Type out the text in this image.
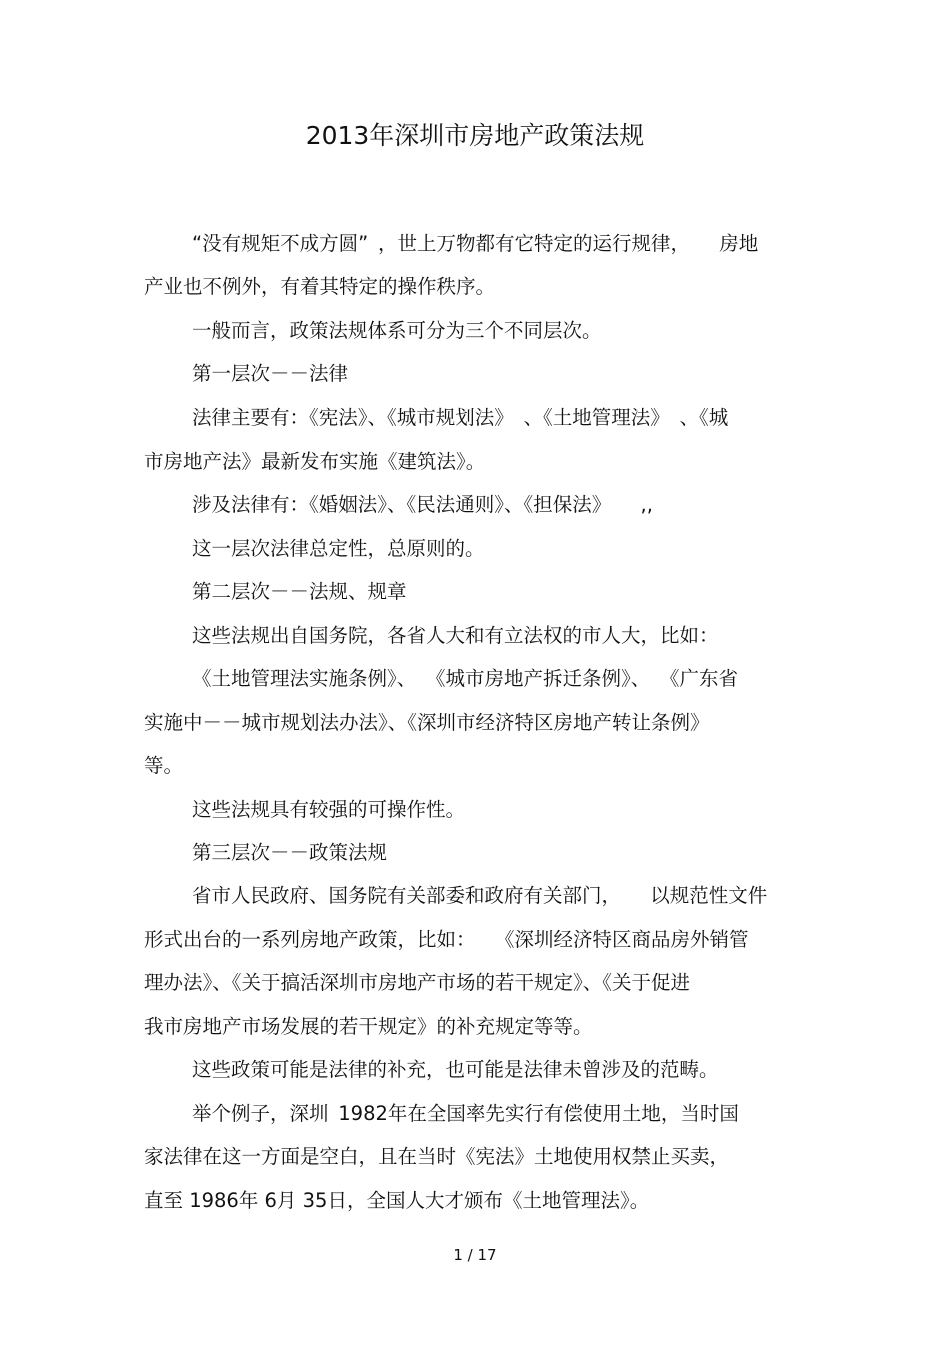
2013年深圳市房地产政策法规
“没有规矩不成方圆” ，世上万物都有它特定的运行规律，  房地
产业也不例外，有着其特定的操作秩序。
一般而言，政策法规体系可分为三个不同层次。
第一层次－－法律
法律主要有：《宪法》、《城市规划法》 、《土地管理法》 、《城
市房地产法》最新发布实施《建筑法》。
涉及法律有：《婚姻法》、《民法通则》、《担保法》  ,,
这一层次法律总定性，总原则的。
第二层次－－法规、规章
这些法规出自国务院，各省人大和有立法权的市人大，比如：
《土地管理法实施条例》、 《城市房地产拆迁条例》、 《广东省
实施中－－城市规划法办法》、《深圳市经济特区房地产转让条例》
等。
这些法规具有较强的可操作性。
第三层次－－政策法规
省市人民政府、国务院有关部委和政府有关部门，  以规范性文件
形式出台的一系列房地产政策，比如： 《深圳经济特区商品房外销管
理办法》、《关于搞活深圳市房地产市场的若干规定》、《关于促进
我市房地产市场发展的若干规定》的补充规定等等。
这些政策可能是法律的补充，也可能是法律未曾涉及的范畴。
举个例子，深圳 1982年在全国率先实行有偿使用土地，当时国
家法律在这一方面是空白，且在当时《宪法》土地使用权禁止买卖，
直至 1986年 6月 35日，全国人大才颁布《土地管理法》。
1 / 17
